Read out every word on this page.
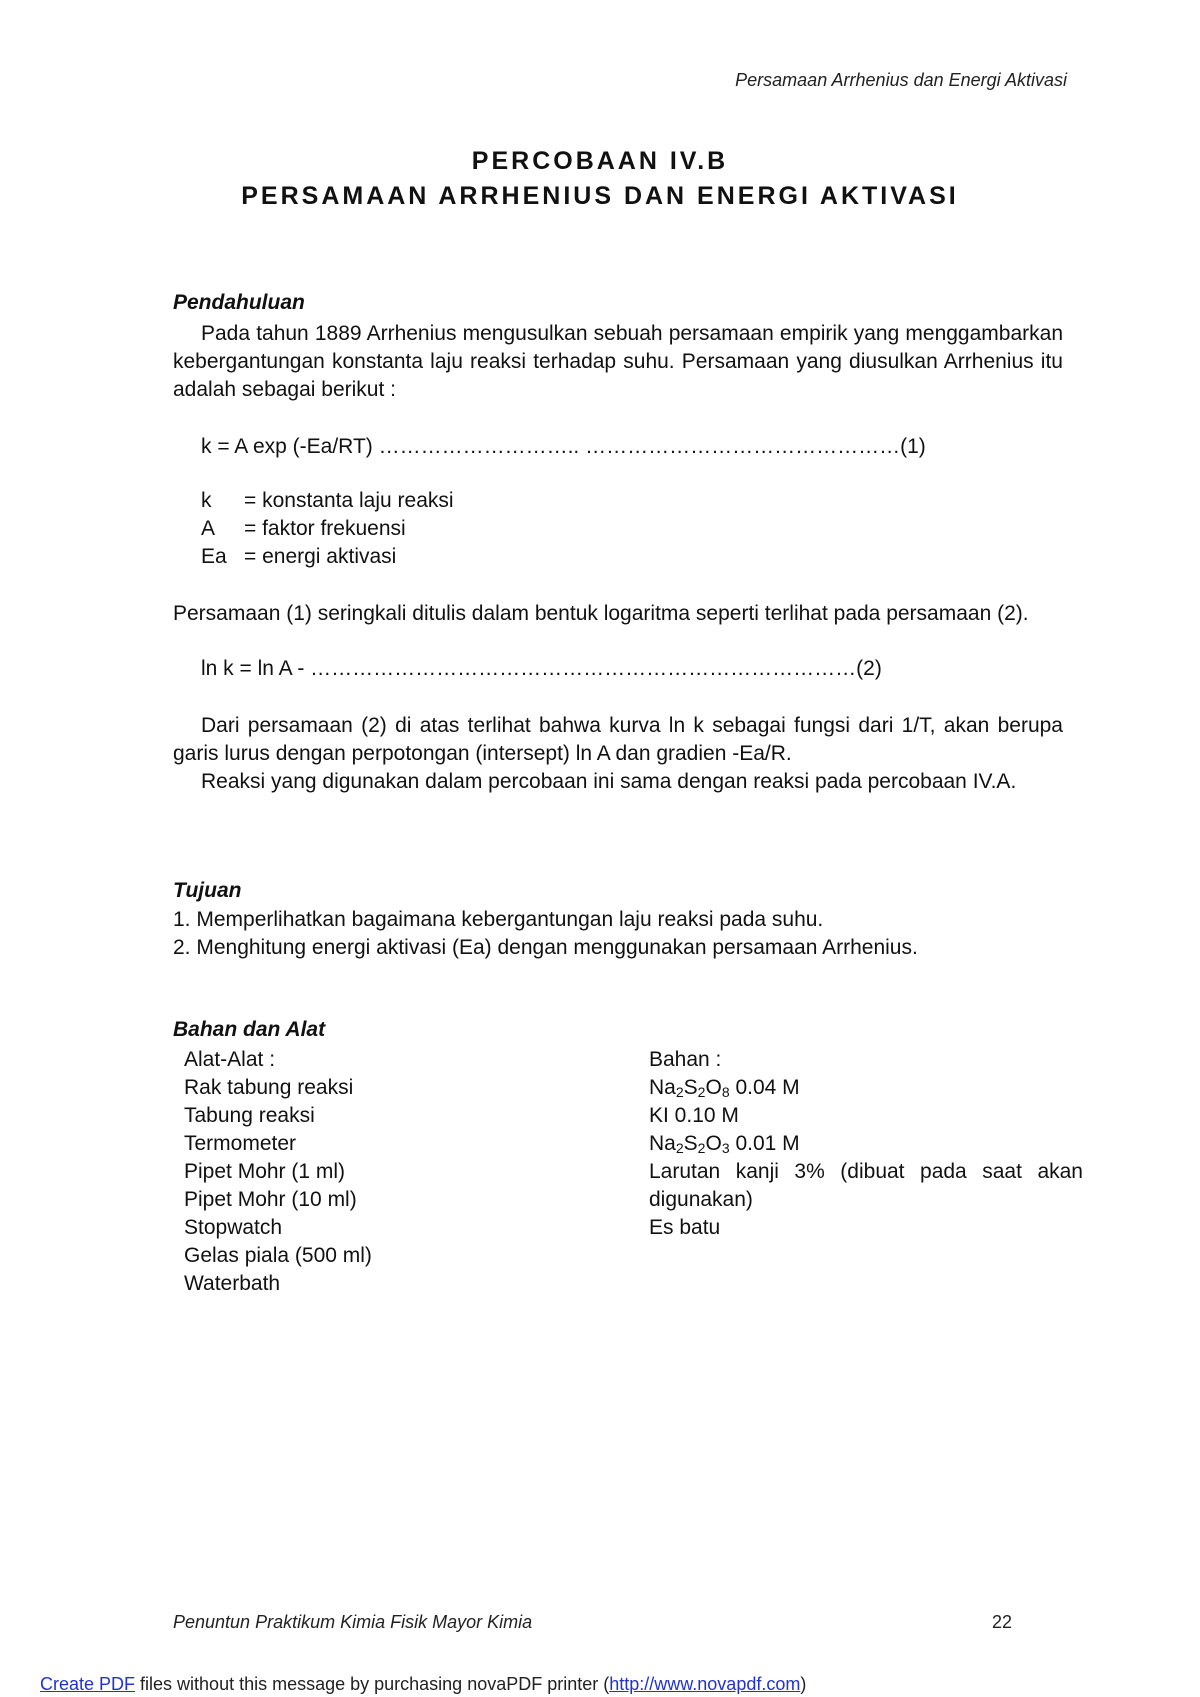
Persamaan Arrhenius dan Energi Aktivasi
PERCOBAAN IV.B
PERSAMAAN ARRHENIUS DAN ENERGI AKTIVASI
Pendahuluan
Pada tahun 1889 Arrhenius mengusulkan sebuah persamaan empirik yang menggambarkan kebergantungan konstanta laju reaksi terhadap suhu. Persamaan yang diusulkan Arrhenius itu adalah sebagai berikut :
k = A exp (-Ea/RT) ……………………….. ………………………………………(1)
k = konstanta laju reaksi
A = faktor frekuensi
Ea = energi aktivasi
Persamaan (1) seringkali ditulis dalam bentuk logaritma seperti terlihat pada persamaan (2).
ln k = ln A - ……………………………………………………………………(2)
Dari persamaan (2) di atas terlihat bahwa kurva ln k sebagai fungsi dari 1/T, akan berupa garis lurus dengan perpotongan (intersept) ln A dan gradien -Ea/R.
Reaksi yang digunakan dalam percobaan ini sama dengan reaksi pada percobaan IV.A.
Tujuan
1. Memperlihatkan bagaimana kebergantungan laju reaksi pada suhu.
2. Menghitung energi aktivasi (Ea) dengan menggunakan persamaan Arrhenius.
Bahan dan Alat
Alat-Alat :
Rak tabung reaksi
Tabung reaksi
Termometer
Pipet Mohr (1 ml)
Pipet Mohr (10 ml)
Stopwatch
Gelas piala (500 ml)
Waterbath
Bahan :
$Na_2S_2O_8$ 0.04 M
KI 0.10 M
$Na_2S_2O_3$ 0.01 M
Larutan kanji 3% (dibuat pada saat akan digunakan)
Es batu
Penuntun Praktikum Kimia Fisik Mayor Kimia	22
Create PDF files without this message by purchasing novaPDF printer (http://www.novapdf.com)
